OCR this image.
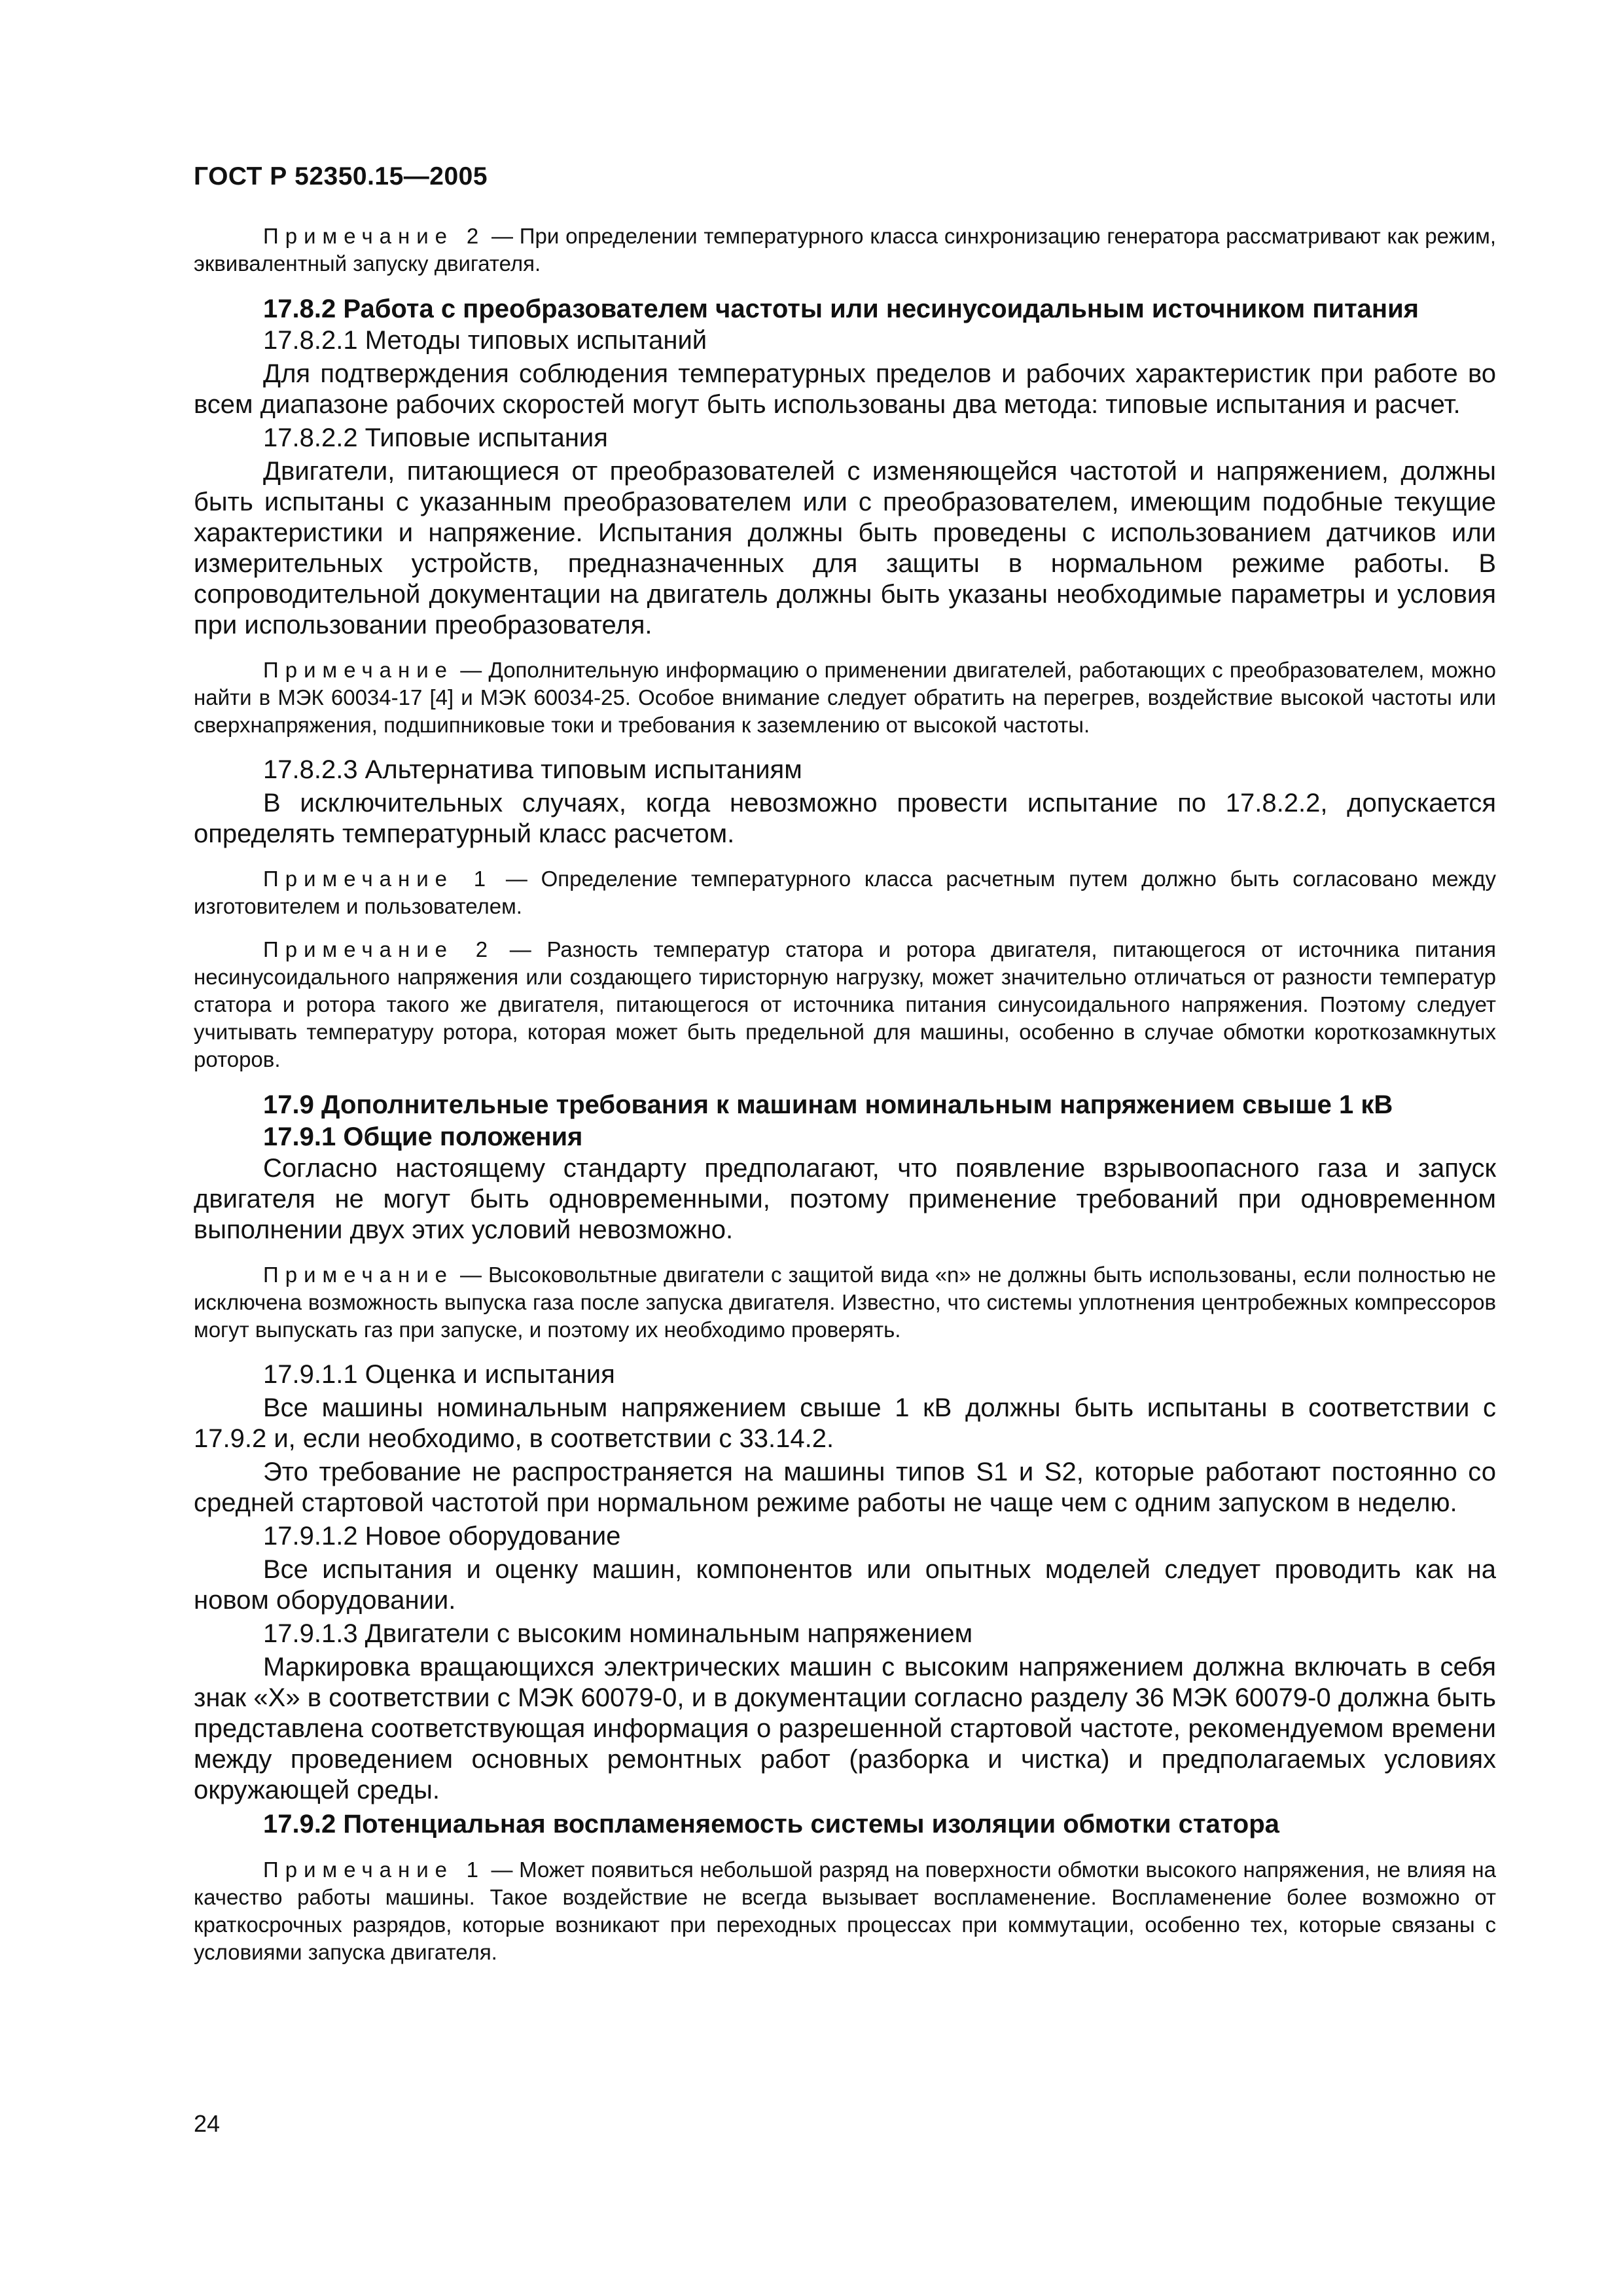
ГОСТ Р 52350.15—2005

Примечание 2 — При определении температурного класса синхронизацию генератора рассматривают как режим, эквивалентный запуску двигателя.

17.8.2 Работа с преобразователем частоты или несинусоидальным источником питания

17.8.2.1 Методы типовых испытаний

Для подтверждения соблюдения температурных пределов и рабочих характеристик при работе во всем диапазоне рабочих скоростей могут быть использованы два метода: типовые испытания и расчет.

17.8.2.2 Типовые испытания

Двигатели, питающиеся от преобразователей с изменяющейся частотой и напряжением, должны быть испытаны с указанным преобразователем или с преобразователем, имеющим подобные текущие характеристики и напряжение. Испытания должны быть проведены с использованием датчиков или измерительных устройств, предназначенных для защиты в нормальном режиме работы. В сопроводительной документации на двигатель должны быть указаны необходимые параметры и условия при использовании преобразователя.

Примечание — Дополнительную информацию о применении двигателей, работающих с преобразователем, можно найти в МЭК 60034-17 [4] и МЭК 60034-25. Особое внимание следует обратить на перегрев, воздействие высокой частоты или сверхнапряжения, подшипниковые токи и требования к заземлению от высокой частоты.

17.8.2.3 Альтернатива типовым испытаниям

В исключительных случаях, когда невозможно провести испытание по 17.8.2.2, допускается определять температурный класс расчетом.

Примечание 1 — Определение температурного класса расчетным путем должно быть согласовано между изготовителем и пользователем.

Примечание 2 — Разность температур статора и ротора двигателя, питающегося от источника питания несинусоидального напряжения или создающего тиристорную нагрузку, может значительно отличаться от разности температур статора и ротора такого же двигателя, питающегося от источника питания синусоидального напряжения. Поэтому следует учитывать температуру ротора, которая может быть предельной для машины, особенно в случае обмотки короткозамкнутых роторов.

17.9 Дополнительные требования к машинам номинальным напряжением свыше 1 кВ

17.9.1 Общие положения

Согласно настоящему стандарту предполагают, что появление взрывоопасного газа и запуск двигателя не могут быть одновременными, поэтому применение требований при одновременном выполнении двух этих условий невозможно.

Примечание — Высоковольтные двигатели с защитой вида «n» не должны быть использованы, если полностью не исключена возможность выпуска газа после запуска двигателя. Известно, что системы уплотнения центробежных компрессоров могут выпускать газ при запуске, и поэтому их необходимо проверять.

17.9.1.1 Оценка и испытания

Все машины номинальным напряжением свыше 1 кВ должны быть испытаны в соответствии с 17.9.2 и, если необходимо, в соответствии с 33.14.2.

Это требование не распространяется на машины типов S1 и S2, которые работают постоянно со средней стартовой частотой при нормальном режиме работы не чаще чем с одним запуском в неделю.

17.9.1.2 Новое оборудование

Все испытания и оценку машин, компонентов или опытных моделей следует проводить как на новом оборудовании.

17.9.1.3 Двигатели с высоким номинальным напряжением

Маркировка вращающихся электрических машин с высоким напряжением должна включать в себя знак «Х» в соответствии с МЭК 60079-0, и в документации согласно разделу 36 МЭК 60079-0 должна быть представлена соответствующая информация о разрешенной стартовой частоте, рекомендуемом времени между проведением основных ремонтных работ (разборка и чистка) и предполагаемых условиях окружающей среды.

17.9.2 Потенциальная воспламеняемость системы изоляции обмотки статора

Примечание 1 — Может появиться небольшой разряд на поверхности обмотки высокого напряжения, не влияя на качество работы машины. Такое воздействие не всегда вызывает воспламенение. Воспламенение более возможно от краткосрочных разрядов, которые возникают при переходных процессах при коммутации, особенно тех, которые связаны с условиями запуска двигателя.

24
